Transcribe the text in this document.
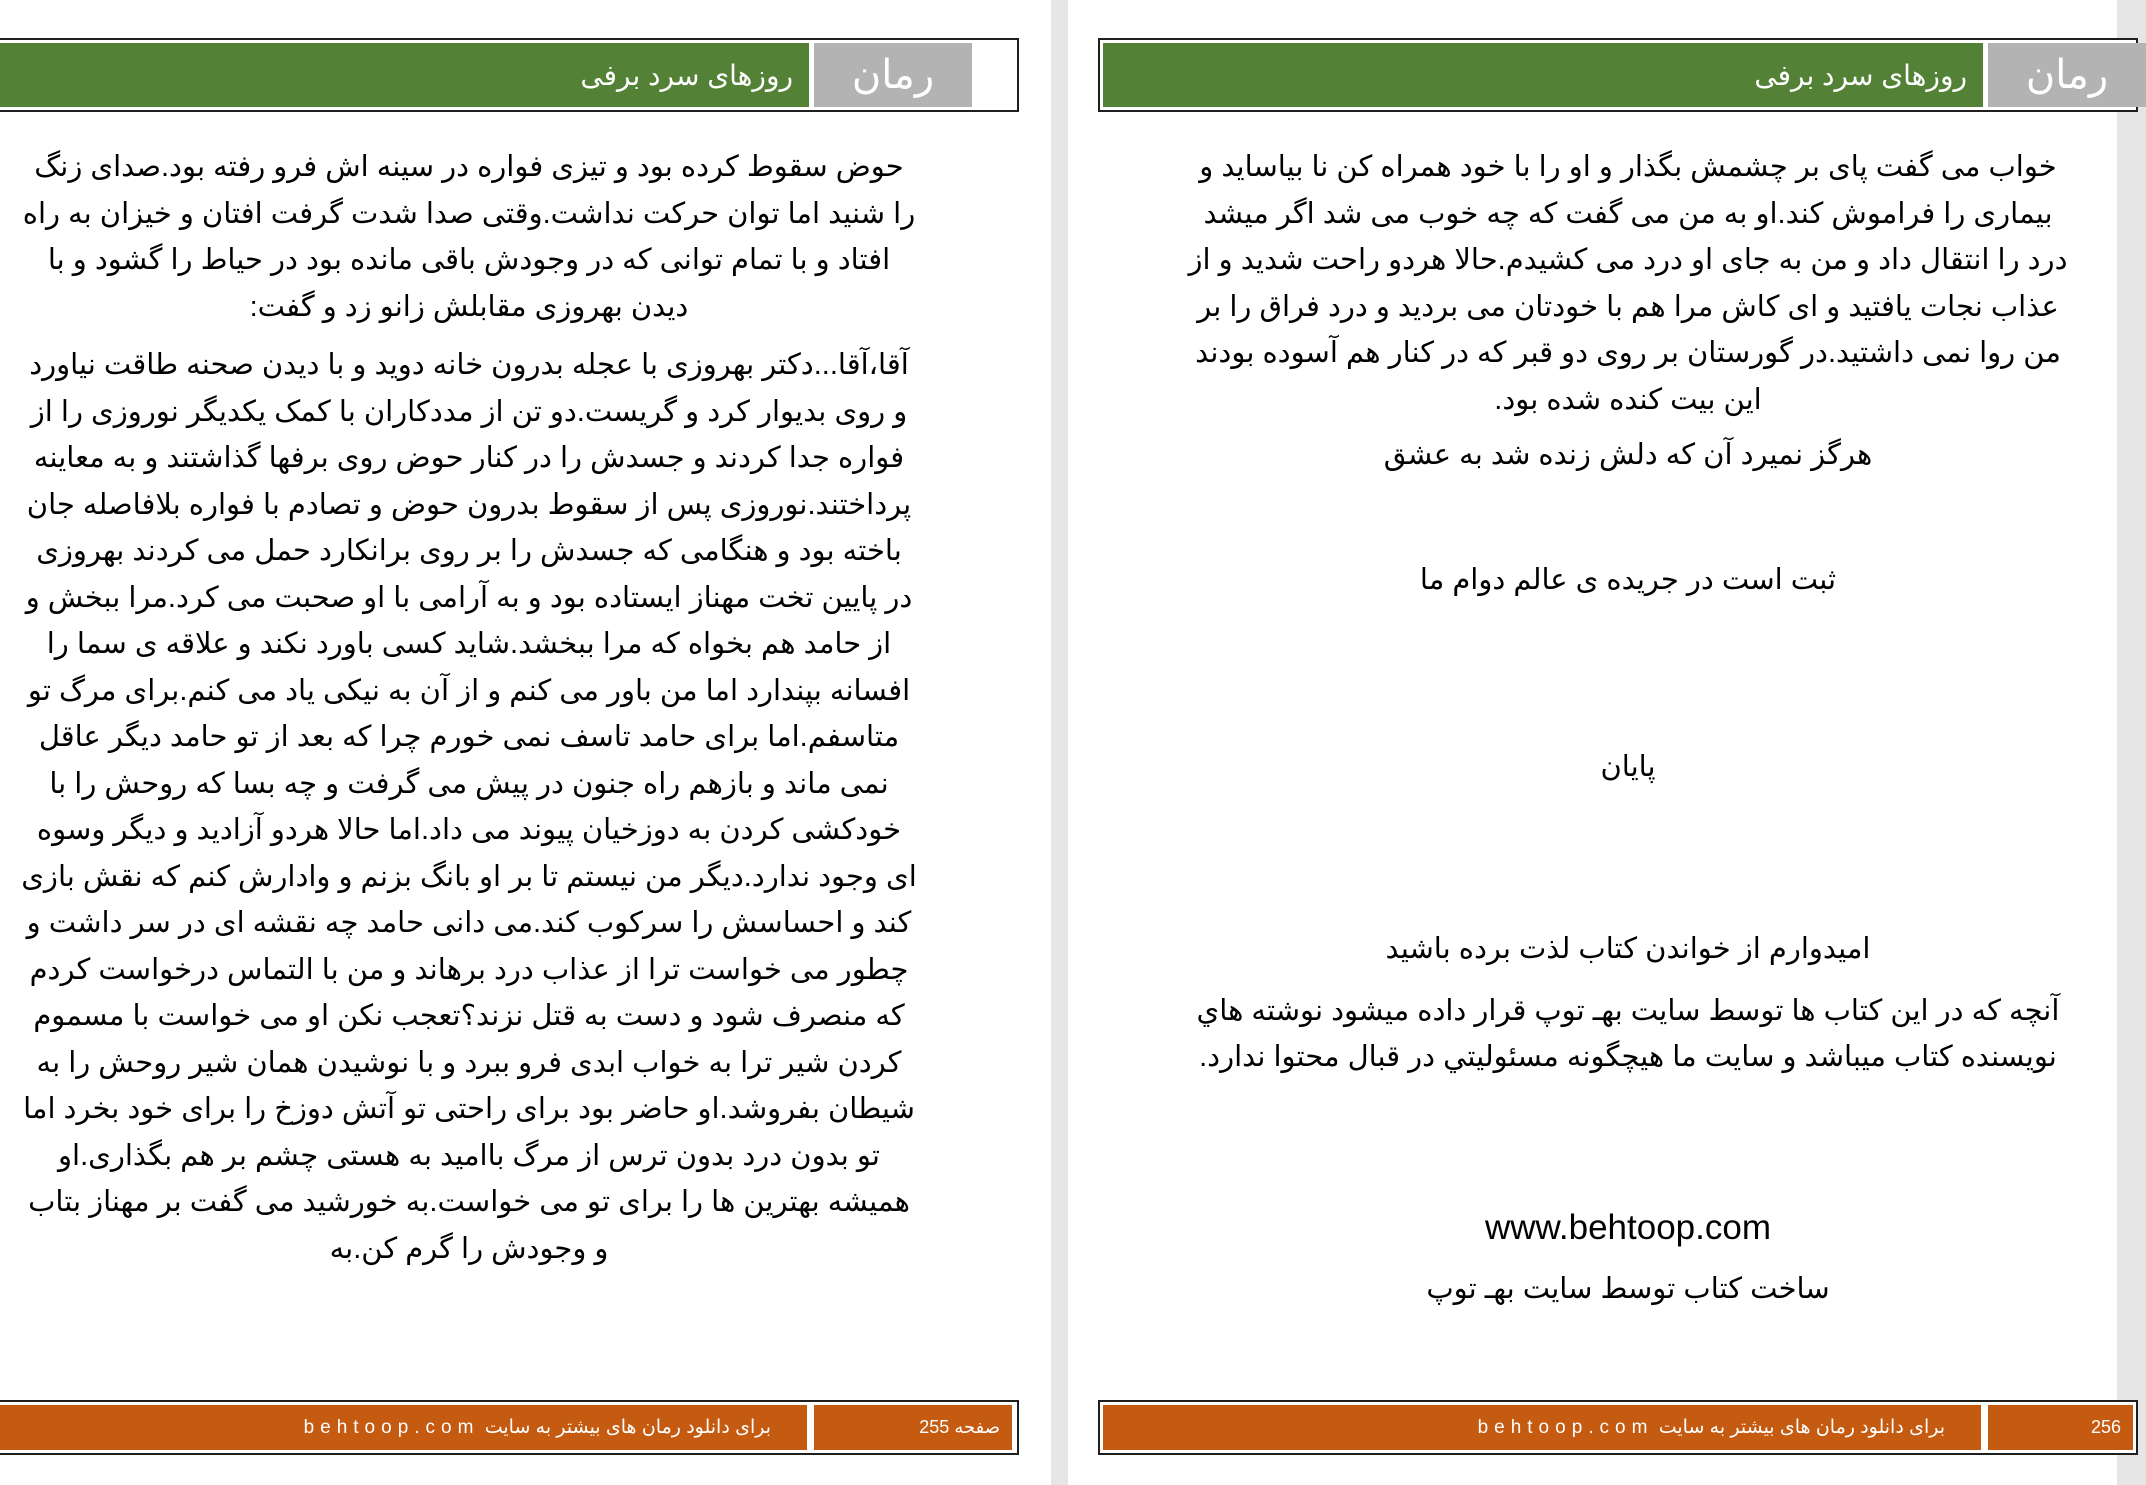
روزهای سرد برفی	رمان

حوض سقوط کرده بود و تیزی فواره در سینه اش فرو رفته بود.صدای زنگ را شنید اما توان حرکت نداشت.وقتی صدا شدت گرفت افتان و خیزان به راه افتاد و با تمام توانی که در وجودش باقی مانده بود در حیاط را گشود و با دیدن بهروزی مقابلش زانو زد و گفت:

آقا،آقا...دکتر بهروزی با عجله بدرون خانه دوید و با دیدن صحنه طاقت نیاورد و روی بدیوار کرد و گریست.دو تن از مددکاران با کمک یکدیگر نوروزی را از فواره جدا کردند و جسدش را در کنار حوض روی برفها گذاشتند و به معاینه پرداختند.نوروزی پس از سقوط بدرون حوض و تصادم با فواره بلافاصله جان باخته بود و هنگامی که جسدش را بر روی برانکارد حمل می کردند بهروزی در پایین تخت مهناز ایستاده بود و به آرامی با او صحبت می کرد.مرا ببخش و از حامد هم بخواه که مرا ببخشد.شاید کسی باورد نکند و علاقه ی سما را افسانه بپندارد اما من باور می کنم و از آن به نیکی یاد می کنم.برای مرگ تو متاسفم.اما برای حامد تاسف نمی خورم چرا که بعد از تو حامد دیگر عاقل نمی ماند و بازهم راه جنون در پیش می گرفت و چه بسا که روحش را با خودکشی کردن به دوزخیان پیوند می داد.اما حالا هردو آزادید و دیگر وسوه ای وجود ندارد.دیگر من نیستم تا بر او بانگ بزنم و وادارش کنم که نقش بازی کند و احساسش را سرکوب کند.می دانی حامد چه نقشه ای در سر داشت و چطور می خواست ترا از عذاب درد برهاند و من با التماس درخواست کردم که منصرف شود و دست به قتل نزند؟تعجب نکن او می خواست با مسموم کردن شیر ترا به خواب ابدی فرو ببرد و با نوشیدن همان شیر روحش را به شیطان بفروشد.او حاضر بود برای راحتی تو آتش دوزخ را برای خود بخرد اما تو بدون درد بدون ترس از مرگ باامید به هستی چشم بر هم بگذاری.او همیشه بهترین ها را برای تو می خواست.به خورشید می گفت بر مهناز بتاب و وجودش را گرم کن.به

برای دانلود رمان های بیشتر به سایت behtoop.com	صفحه 255
روزهای سرد برفی	رمان

خواب می گفت پای بر چشمش بگذار و او را با خود همراه کن نا بیاساید و بیماری را فراموش کند.او به من می گفت که چه خوب می شد اگر میشد درد را انتقال داد و من به جای او درد می کشیدم.حالا هردو راحت شدید و از عذاب نجات یافتید و ای کاش مرا هم با خودتان می بردید و درد فراق را بر من روا نمی داشتید.در گورستان بر روی دو قبر که در کنار هم آسوده بودند این بیت کنده شده بود.

هرگز نمیرد آن که دلش زنده شد به عشق
ثبت است در جریده ی عالم دوام ما
پایان
امیدوارم از خواندن کتاب لذت برده باشید
آنچه که در این کتاب ها توسط سایت بهـ توپ قرار داده میشود نوشته هاي نویسنده کتاب میباشد و سایت ما هیچگونه مسئولیتي در قبال محتوا ندارد.
www.behtoop.com
ساخت کتاب توسط سایت بهـ توپ
برای دانلود رمان های بیشتر به سایت behtoop.com	256
